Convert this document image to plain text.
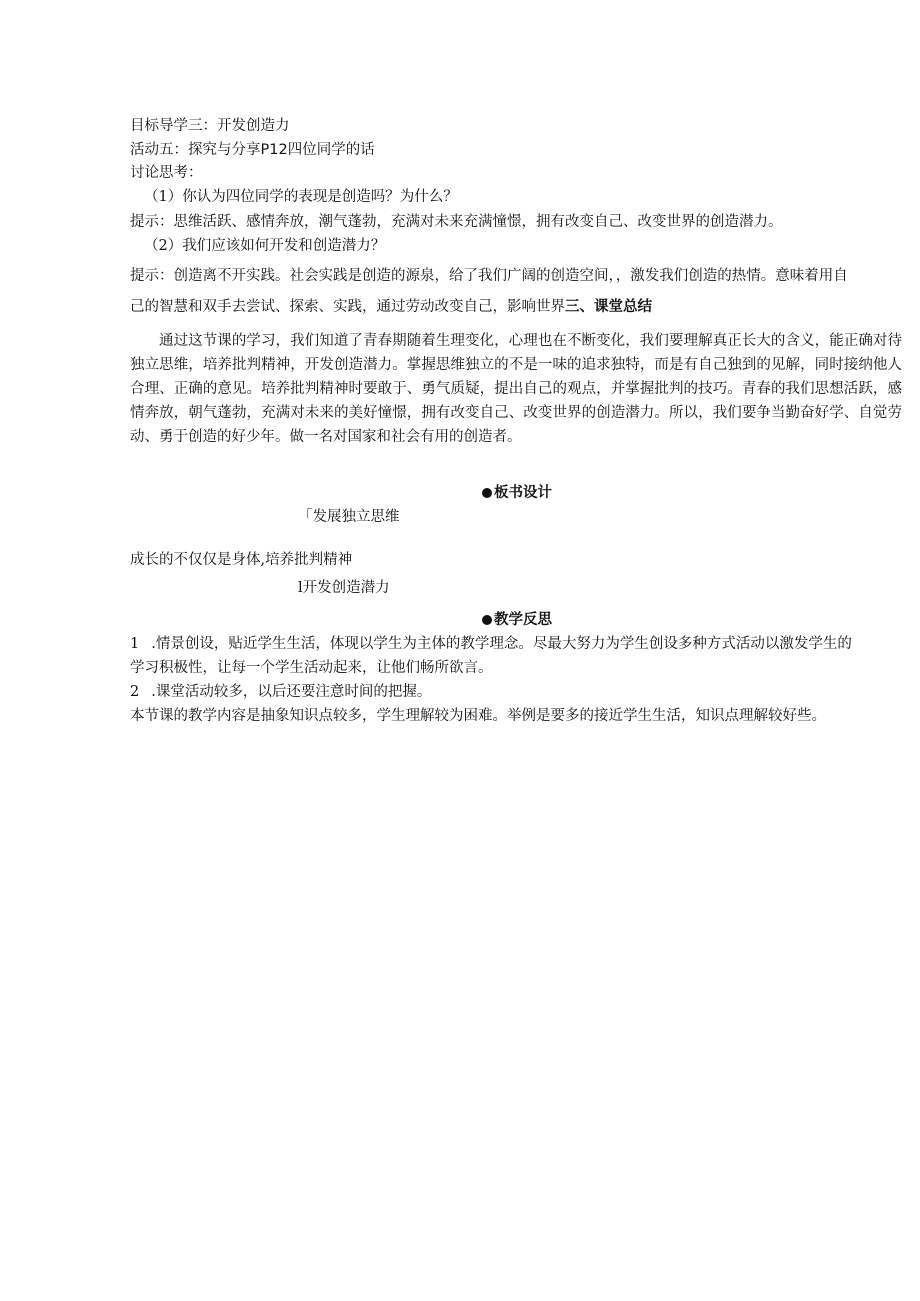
目标导学三：开发创造力
活动五：探究与分享P12四位同学的话
讨论思考：
（1）你认为四位同学的表现是创造吗？为什么？
提示：思维活跃、感情奔放，潮气蓬勃，充满对未来充满憧憬，拥有改变自己、改变世界的创造潜力。
（2）我们应该如何开发和创造潜力？
提示：创造离不开实践。社会实践是创造的源泉，给了我们广阔的创造空间，，激发我们创造的热情。意味着用自
己的智慧和双手去尝试、探索、实践，通过劳动改变自己，影响世界三、课堂总结
通过这节课的学习，我们知道了青春期随着生理变化，心理也在不断变化，我们要理解真正长大的含义，能正确对待独立思维，培养批判精神，开发创造潜力。掌握思维独立的不是一味的追求独特，而是有自己独到的见解，同时接纳他人合理、正确的意见。培养批判精神时要敢于、勇气质疑，提出自己的观点，并掌握批判的技巧。青春的我们思想活跃，感情奔放，朝气蓬勃，充满对未来的美好憧憬，拥有改变自己、改变世界的创造潜力。所以，我们要争当勤奋好学、自觉劳动、勇于创造的好少年。做一名对国家和社会有用的创造者。
板书设计
「发展独立思维
成长的不仅仅是身体,培养批判精神
l开发创造潜力
教学反思
1 .情景创设，贴近学生生活，体现以学生为主体的教学理念。尽最大努力为学生创设多种方式活动以激发学生的
学习积极性，让每一个学生活动起来，让他们畅所欲言。
2 .课堂活动较多，以后还要注意时间的把握。
本节课的教学内容是抽象知识点较多，学生理解较为困难。举例是要多的接近学生生活，知识点理解较好些。
